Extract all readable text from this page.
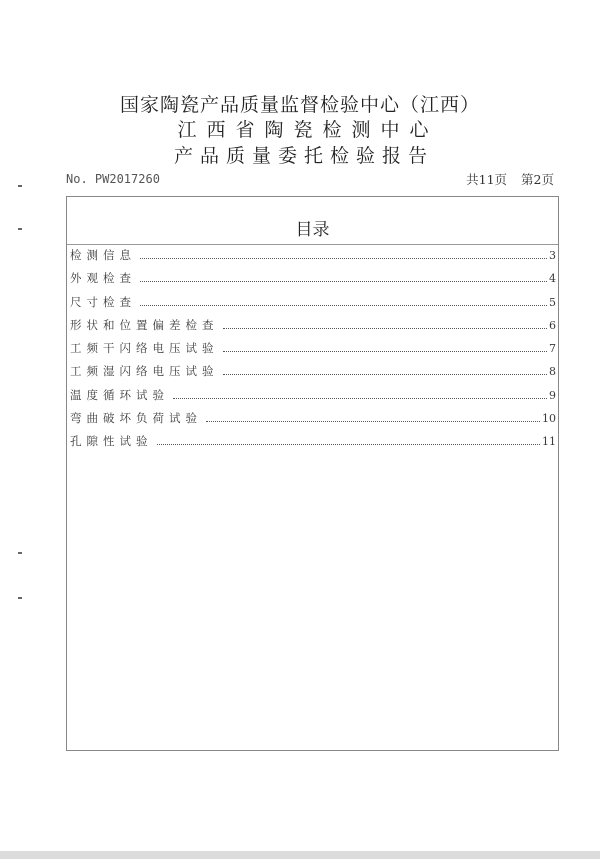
国家陶瓷产品质量监督检验中心（江西）
江西省陶瓷检测中心
产品质量委托检验报告
No. PW2017260	共11页 第2页
目录
检测信息	3
外观检查	4
尺寸检查	5
形状和位置偏差检查	6
工频干闪络电压试验	7
工频湿闪络电压试验	8
温度循环试验	9
弯曲破坏负荷试验	10
孔隙性试验	11
